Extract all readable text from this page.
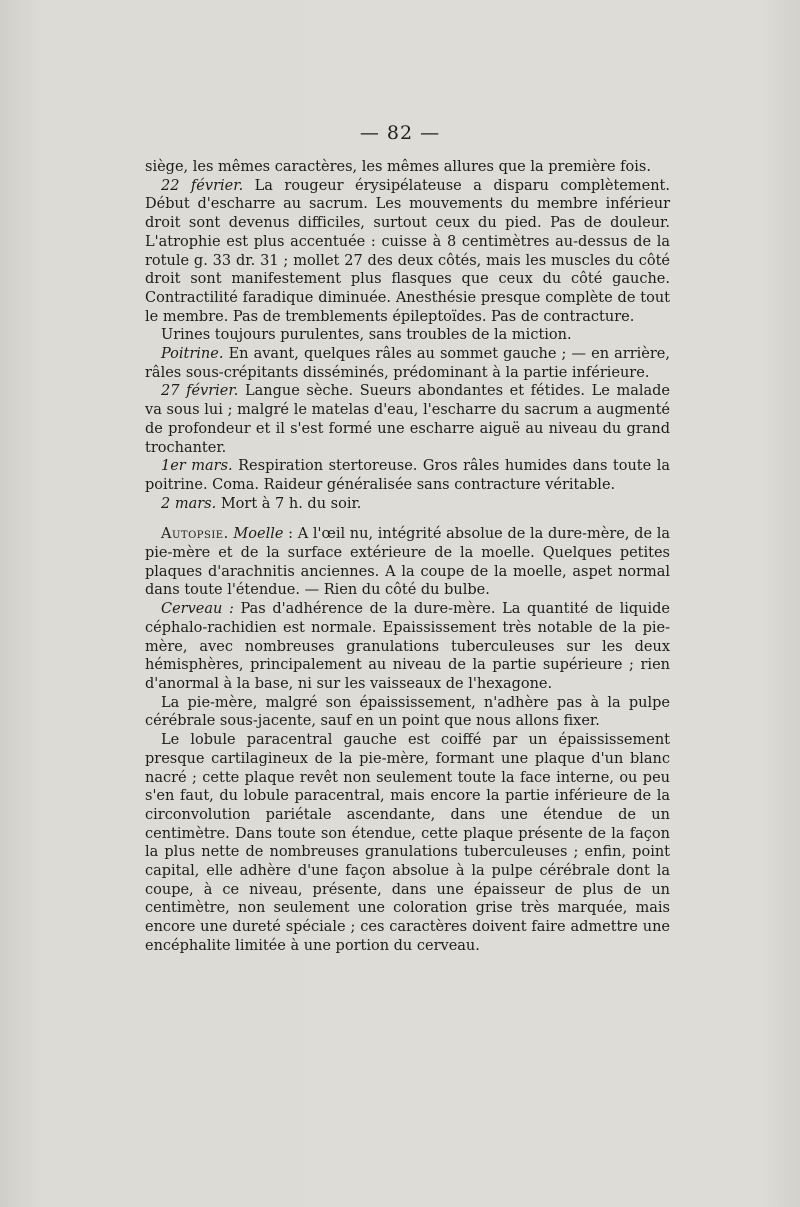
— 82 —

siège, les mêmes caractères, les mêmes allures que la première fois.

22 février. La rougeur érysipélateuse a disparu complètement. Début d'escharre au sacrum. Les mouvements du membre inférieur droit sont devenus difficiles, surtout ceux du pied. Pas de douleur. L'atrophie est plus accentuée : cuisse à 8 centimètres au-dessus de la rotule g. 33 dr. 31 ; mollet 27 des deux côtés, mais les muscles du côté droit sont manifestement plus flasques que ceux du côté gauche. Contractilité faradique diminuée. Anesthésie presque complète de tout le membre. Pas de tremblements épileptoïdes. Pas de contracture.

Urines toujours purulentes, sans troubles de la miction.

Poitrine. En avant, quelques râles au sommet gauche ; — en arrière, râles sous-crépitants disséminés, prédominant à la partie inférieure.

27 février. Langue sèche. Sueurs abondantes et fétides. Le malade va sous lui ; malgré le matelas d'eau, l'escharre du sacrum a augmenté de profondeur et il s'est formé une escharre aiguë au niveau du grand trochanter.

1er mars. Respiration stertoreuse. Gros râles humides dans toute la poitrine. Coma. Raideur généralisée sans contracture véritable.

2 mars. Mort à 7 h. du soir.

Autopsie. Moelle : A l'œil nu, intégrité absolue de la dure-mère, de la pie-mère et de la surface extérieure de la moelle. Quelques petites plaques d'arachnitis anciennes. A la coupe de la moelle, aspet normal dans toute l'étendue. — Rien du côté du bulbe.

Cerveau : Pas d'adhérence de la dure-mère. La quantité de liquide céphalo-rachidien est normale. Epaississement très notable de la pie-mère, avec nombreuses granulations tuberculeuses sur les deux hémisphères, principalement au niveau de la partie supérieure ; rien d'anormal à la base, ni sur les vaisseaux de l'hexagone.

La pie-mère, malgré son épaississement, n'adhère pas à la pulpe cérébrale sous-jacente, sauf en un point que nous allons fixer.

Le lobule paracentral gauche est coiffé par un épaississement presque cartilagineux de la pie-mère, formant une plaque d'un blanc nacré ; cette plaque revêt non seulement toute la face interne, ou peu s'en faut, du lobule paracentral, mais encore la partie inférieure de la circonvolution pariétale ascendante, dans une étendue de un centimètre. Dans toute son étendue, cette plaque présente de la façon la plus nette de nombreuses granulations tuberculeuses ; enfin, point capital, elle adhère d'une façon absolue à la pulpe cérébrale dont la coupe, à ce niveau, présente, dans une épaisseur de plus de un centimètre, non seulement une coloration grise très marquée, mais encore une dureté spéciale ; ces caractères doivent faire admettre une encéphalite limitée à une portion du cerveau.
